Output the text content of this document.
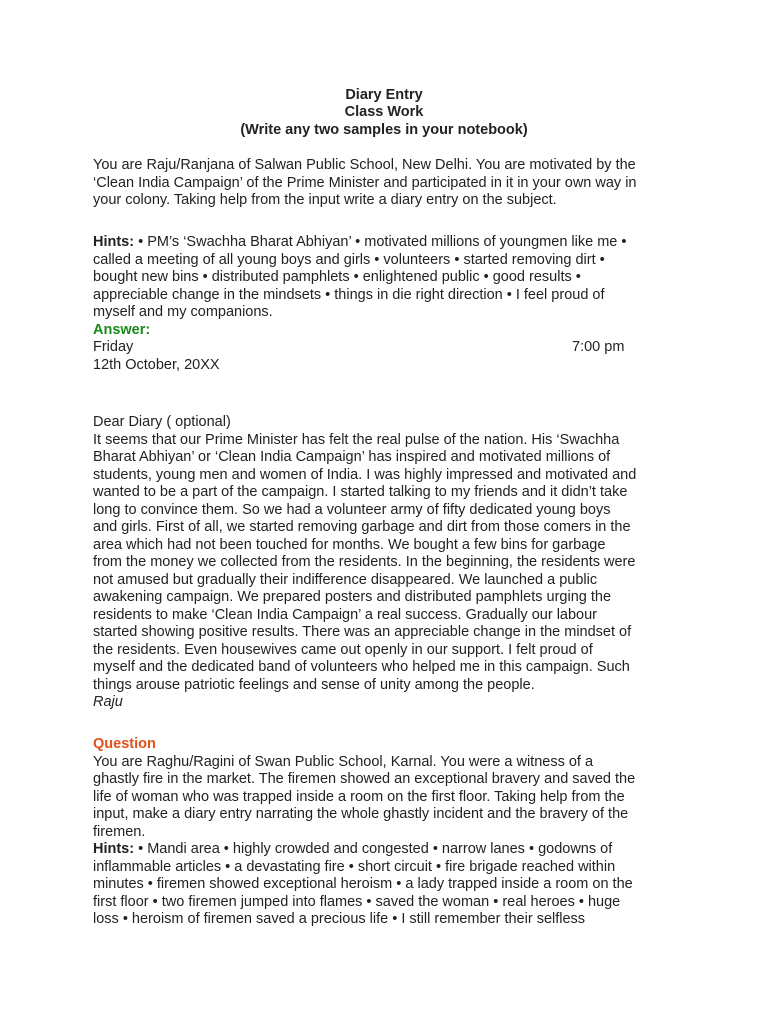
Diary Entry
Class Work
(Write any two samples in your notebook)
You are Raju/Ranjana of Salwan Public School, New Delhi. You are motivated by the
‘Clean India Campaign’ of the Prime Minister and participated in it in your own way in
your colony. Taking help from the input write a diary entry on the subject.
Hints: • PM’s ‘Swachha Bharat Abhiyan’ • motivated millions of youngmen like me •
called a meeting of all young boys and girls • volunteers • started removing dirt •
bought new bins • distributed pamphlets • enlightened public • good results •
appreciable change in the mindsets • things in die right direction • I feel proud of
myself and my companions.
Answer:
Friday
12th October, 20XX
7:00 pm
Dear Diary ( optional)
It seems that our Prime Minister has felt the real pulse of the nation. His ‘Swachha
Bharat Abhiyan’ or ‘Clean India Campaign’ has inspired and motivated millions of
students, young men and women of India. I was highly impressed and motivated and
wanted to be a part of the campaign. I started talking to my friends and it didn’t take
long to convince them. So we had a volunteer army of fifty dedicated young boys
and girls. First of all, we started removing garbage and dirt from those comers in the
area which had not been touched for months. We bought a few bins for garbage
from the money we collected from the residents. In the beginning, the residents were
not amused but gradually their indifference disappeared. We launched a public
awakening campaign. We prepared posters and distributed pamphlets urging the
residents to make ‘Clean India Campaign’ a real success. Gradually our labour
started showing positive results. There was an appreciable change in the mindset of
the residents. Even housewives came out openly in our support. I felt proud of
myself and the dedicated band of volunteers who helped me in this campaign. Such
things arouse patriotic feelings and sense of unity among the people.
Raju
Question
You are Raghu/Ragini of Swan Public School, Karnal. You were a witness of a
ghastly fire in the market. The firemen showed an exceptional bravery and saved the
life of woman who was trapped inside a room on the first floor. Taking help from the
input, make a diary entry narrating the whole ghastly incident and the bravery of the
firemen.
Hints: • Mandi area • highly crowded and congested • narrow lanes • godowns of
inflammable articles • a devastating fire • short circuit • fire brigade reached within
minutes • firemen showed exceptional heroism • a lady trapped inside a room on the
first floor • two firemen jumped into flames • saved the woman • real heroes • huge
loss • heroism of firemen saved a precious life • I still remember their selfless
